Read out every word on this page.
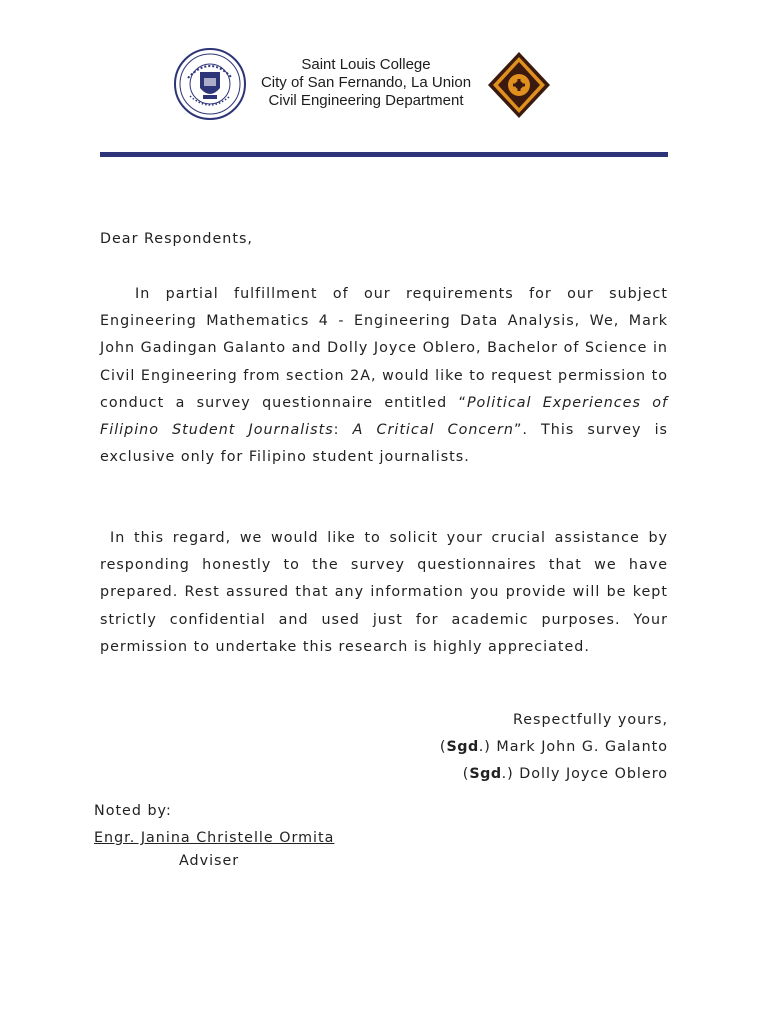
Saint Louis College
City of San Fernando, La Union
Civil Engineering Department
Dear Respondents,

In partial fulfillment of our requirements for our subject Engineering Mathematics 4 - Engineering Data Analysis, We, Mark John Gadingan Galanto and Dolly Joyce Oblero, Bachelor of Science in Civil Engineering from section 2A, would like to request permission to conduct a survey questionnaire entitled “Political Experiences of Filipino Student Journalists: A Critical Concern”. This survey is exclusive only for Filipino student journalists.

In this regard, we would like to solicit your crucial assistance by responding honestly to the survey questionnaires that we have prepared. Rest assured that any information you provide will be kept strictly confidential and used just for academic purposes. Your permission to undertake this research is highly appreciated.

Respectfully yours,
(Sgd.) Mark John G. Galanto
(Sgd.) Dolly Joyce Oblero
Noted by:
Engr. Janina Christelle Ormita
Adviser
